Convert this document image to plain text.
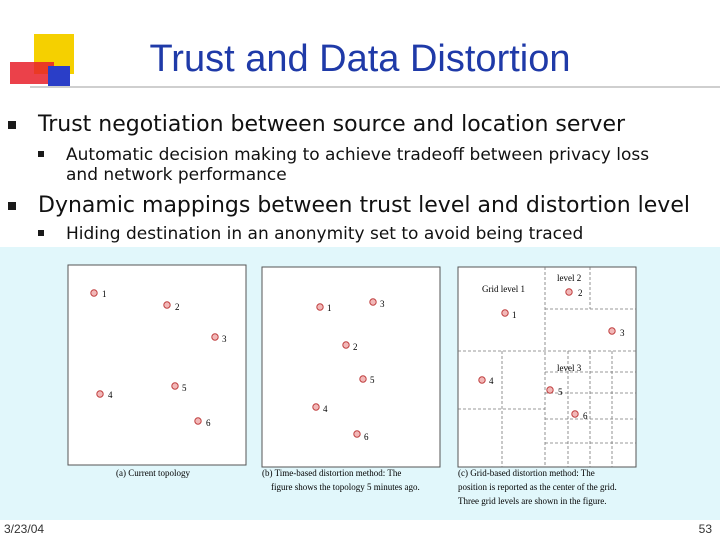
Trust and Data Distortion
Trust negotiation between source and location server
Automatic decision making to achieve tradeoff between privacy loss
and network performance
Dynamic mappings between trust level and distortion level
Hiding destination in an anonymity set to avoid being traced
1
2
3
4
5
6
(a) Current topology
1
2
3
4
5
6
(b) Time-based distortion method: The
figure shows the topology 5 minutes ago.
level 2
Grid level 1
level 3
1
2
3
4
5
6
(c) Grid-based distortion method: The
position is reported as the center of the grid.
Three grid levels are shown in the figure.
3/23/04	53
